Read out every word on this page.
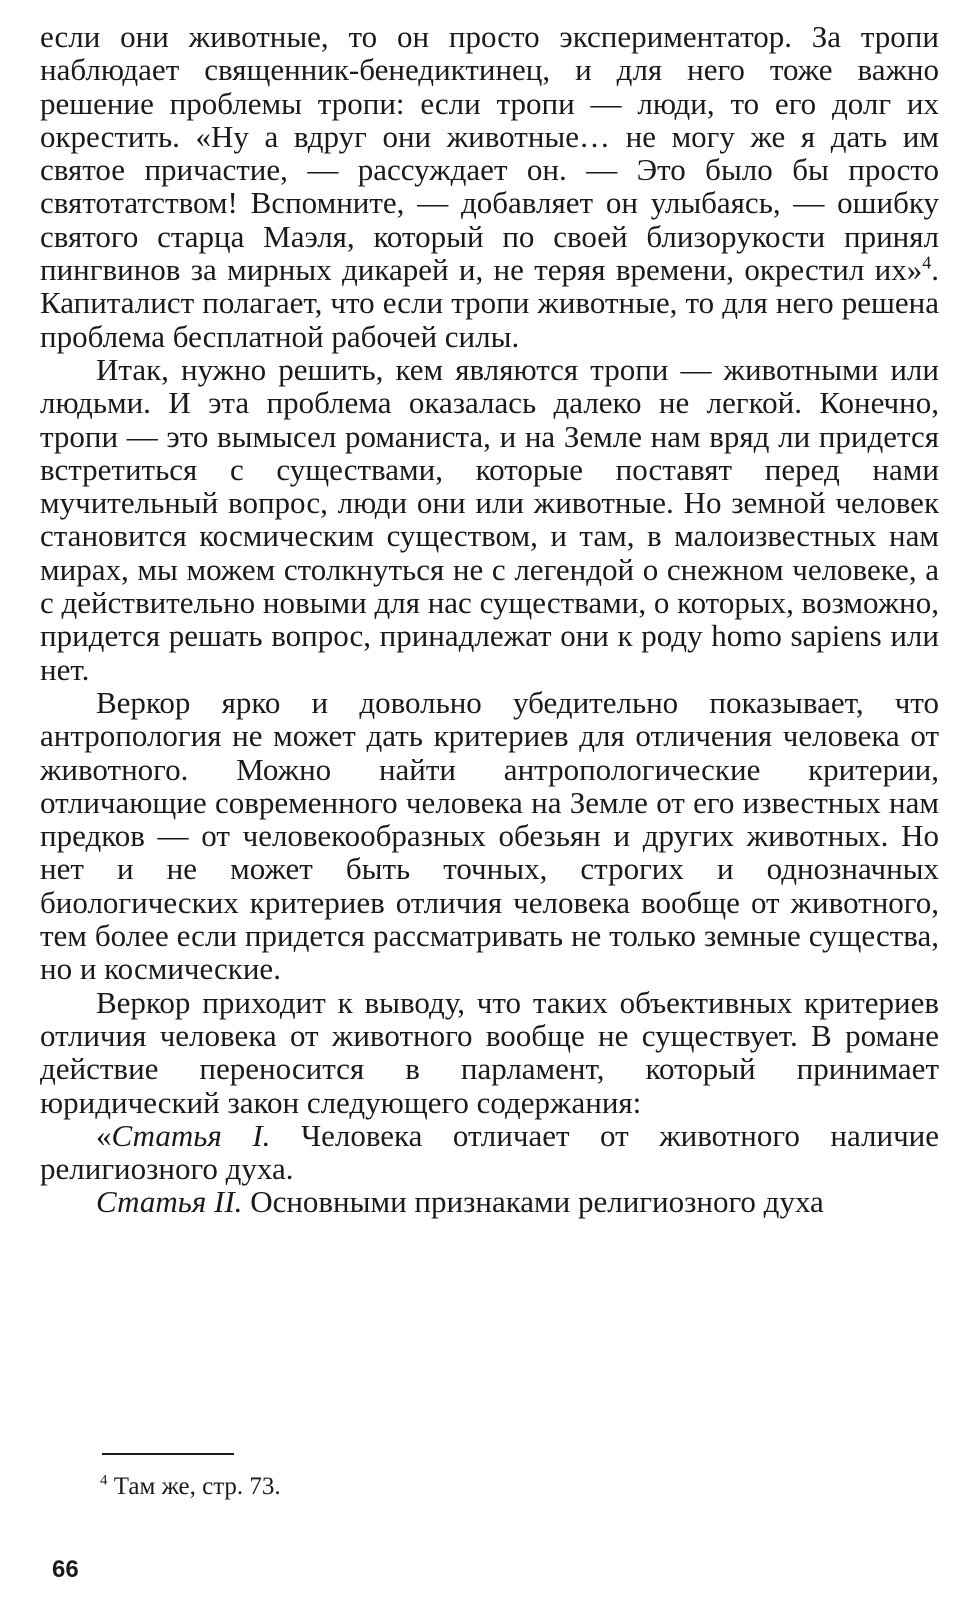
если они животные, то он просто экспериментатор. За тропи наблюдает священник-бенедиктинец, и для него тоже важно решение проблемы тропи: если тропи — люди, то его долг их окрестить. «Ну а вдруг они животные… не могу же я дать им святое причастие, — рассуждает он. — Это было бы просто святотатством! Вспомните, — добавляет он улыбаясь, — ошибку святого старца Маэля, который по своей близорукости принял пингвинов за мирных дикарей и, не теряя времени, окрестил их»$^4$. Капиталист полагает, что если тропи животные, то для него решена проблема бесплатной рабочей силы.

Итак, нужно решить, кем являются тропи — животными или людьми. И эта проблема оказалась далеко не легкой. Конечно, тропи — это вымысел романиста, и на Земле нам вряд ли придется встретиться с существами, которые поставят перед нами мучительный вопрос, люди они или животные. Но земной человек становится космическим существом, и там, в малоизвестных нам мирах, мы можем столкнуться не с легендой о снежном человеке, а с действительно новыми для нас существами, о которых, возможно, придется решать вопрос, принадлежат они к роду homo sapiens или нет.

Веркор ярко и довольно убедительно показывает, что антропология не может дать критериев для отличения человека от животного. Можно найти антропологические критерии, отличающие современного человека на Земле от его известных нам предков — от человекообразных обезьян и других животных. Но нет и не может быть точных, строгих и однозначных биологических критериев отличия человека вообще от животного, тем более если придется рассматривать не только земные существа, но и космические.

Веркор приходит к выводу, что таких объективных критериев отличия человека от животного вообще не существует. В романе действие переносится в парламент, который принимает юридический закон следующего содержания:

«Статья I. Человека отличает от животного наличие религиозного духа.

Статья II. Основными признаками религиозного духа

$^4$ Там же, стр. 73.
66
